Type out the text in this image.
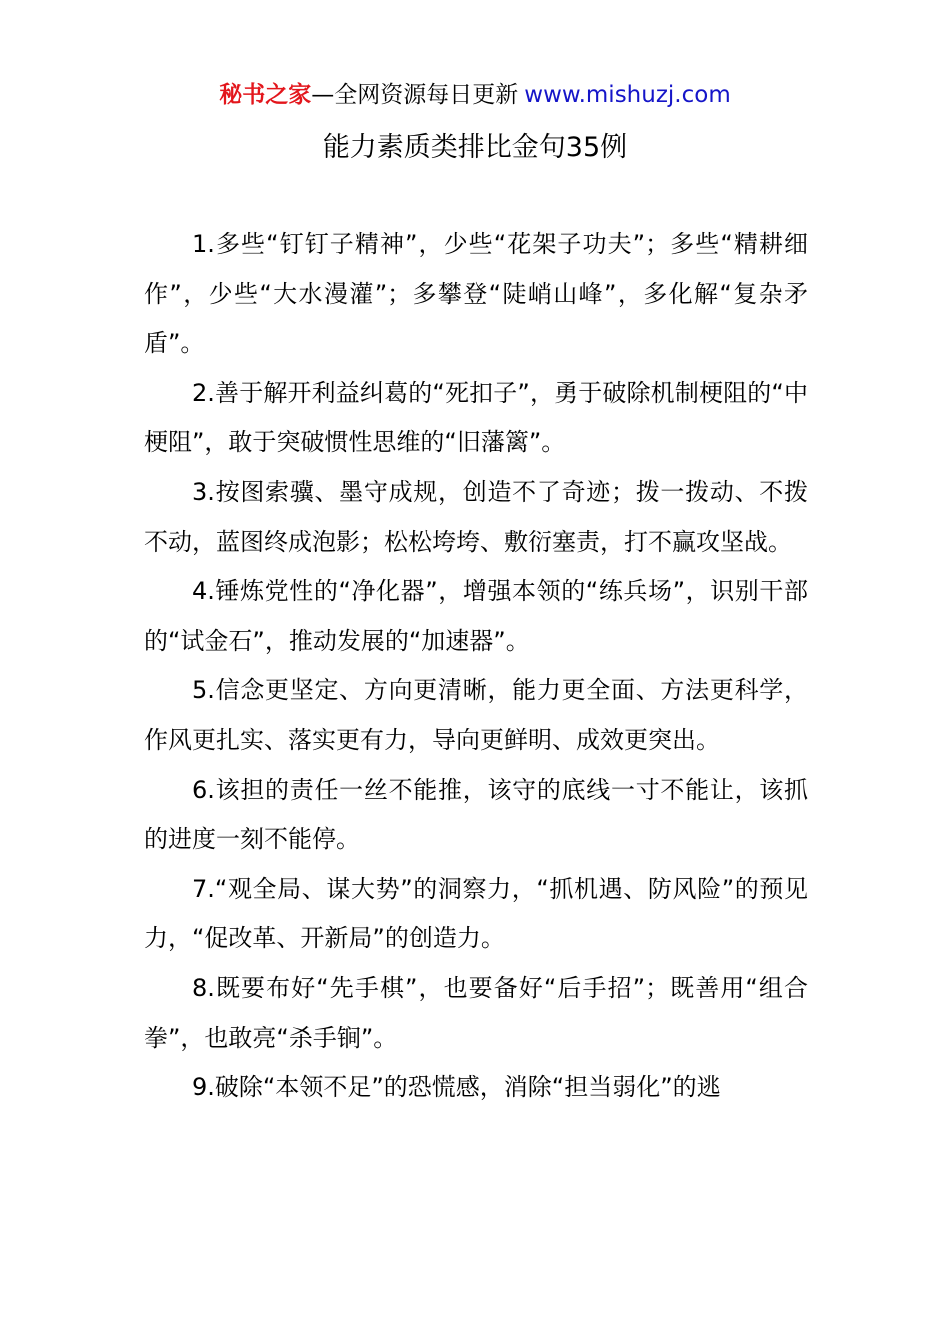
秘书之家—全网资源每日更新 www.mishuzj.com
能力素质类排比金句35例

1.多些“钉钉子精神”，少些“花架子功夫”；多些“精耕细作”，少些“大水漫灌”；多攀登“陡峭山峰”，多化解“复杂矛盾”。

2.善于解开利益纠葛的“死扣子”，勇于破除机制梗阻的“中梗阻”，敢于突破惯性思维的“旧藩篱”。

3.按图索骥、墨守成规，创造不了奇迹；拨一拨动、不拨不动，蓝图终成泡影；松松垮垮、敷衍塞责，打不赢攻坚战。

4.锤炼党性的“净化器”，增强本领的“练兵场”，识别干部的“试金石”，推动发展的“加速器”。

5.信念更坚定、方向更清晰，能力更全面、方法更科学，作风更扎实、落实更有力，导向更鲜明、成效更突出。

6.该担的责任一丝不能推，该守的底线一寸不能让，该抓的进度一刻不能停。

7.“观全局、谋大势”的洞察力，“抓机遇、防风险”的预见力，“促改革、开新局”的创造力。

8.既要布好“先手棋”，也要备好“后手招”；既善用“组合拳”，也敢亮“杀手锏”。

9.破除“本领不足”的恐慌感，消除“担当弱化”的逃
